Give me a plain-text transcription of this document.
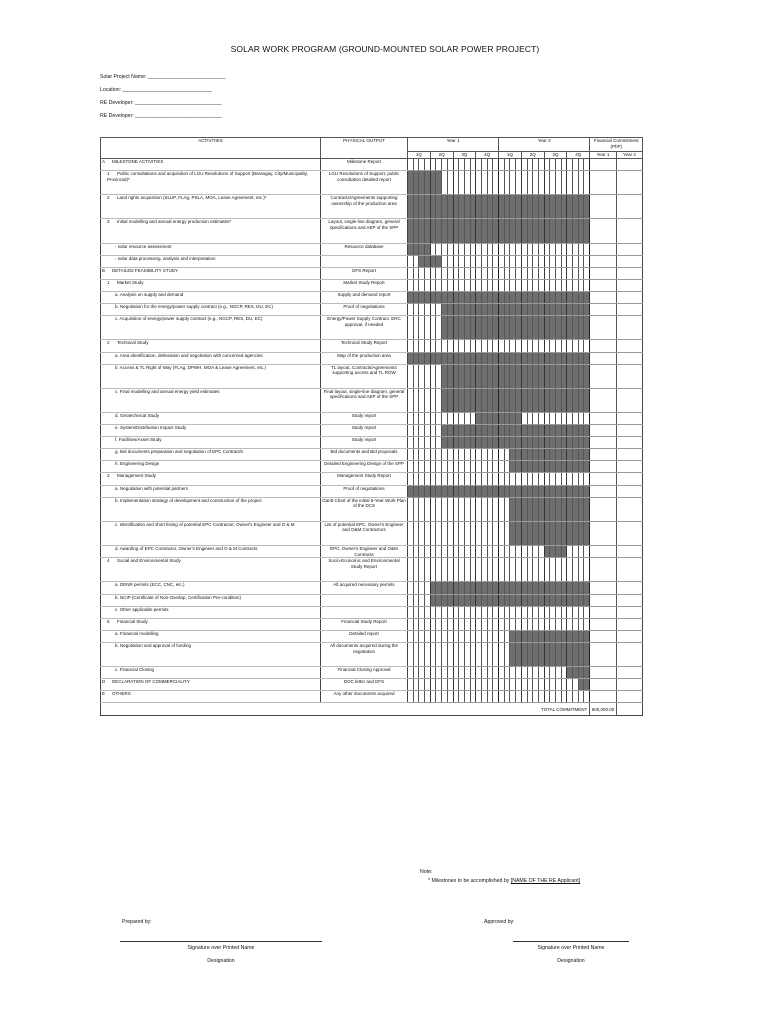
SOLAR WORK PROGRAM (GROUND-MOUNTED SOLAR POWER PROJECT)
Solar Project Name: ___________________________
Location: _______________________________
RE Developer: ______________________________
RE Developer: ______________________________
ACTIVITIES	PHYSICAL OUTPUT	Year 1																Year 2																Financial Commitment (PhP)	
		1Q				2Q				3Q				4Q				1Q				2Q				3Q				4Q				Year 1	Year 2
A MILESTONE ACTIVITIES	Milestone Report																																		
1 Public consultations and acquisition of LGU Resolutions of Support (Barangay, City/Municipality, Provincial)*	LGU Resolutions of Support, public consultation detailed report																																		
2 Land rights acquisition (SLUP, FLAg, PSLA, MOA, Lease Agreement, etc.)*	Contracts/Agreements supporting ownership of the production area																																		
3 Initial modelling and annual energy production estimates*	Layout, single-line diagram, general specifications and AEP of the SPP																																		
- solar resource assessment	Resource database																																		
- solar data processing, analysis and interpretation																																			
B DETAILED FEASIBILITY STUDY	DFS Report																																		
1 Market Study	Market Study Report																																		
a. Analysis on supply and demand	Supply and demand report																																		
b. Negotiation for the energy/power supply contract (e.g., NGCP, RES, DU, EC)	Proof of negotiations																																		
c. Acquisition of energy/power supply contract (e.g., NGCP, RES, DU, EC)	Energy/Power Supply Contract, ERC approval, if needed																																		
2 Technical Study	Technical Study Report																																		
a. Area identification, delineation and negotiation with concerned agencies	Map of the production area																																		
b. Access & TL Right of Way (FLAg, DPWH, MOA & Lease Agreement, etc.)	TL layout, Contracts/Agreements supporting access and TL ROW																																		
c. Final modelling and annual energy yield estimates	Final layout, single-line diagram, general specifications and AEP of the SPP																																		
d. Geotechnical Study	Study report																																		
e. System/Distribution Impact Study	Study report																																		
f. Facilities/Asset Study	Study report																																		
g. Bid documents preparation and negotiation of EPC Contract/s	Bid documents and Bid proposals																																		
h. Engineering Design	Detailed Engineering Design of the SPP																																		
3 Management Study	Management Study Report																																		
a. Negotiation with potential partners	Proof of negotiations																																		
b. Implementation strategy of development and construction of the project	Gantt Chart of the initial 5-Year Work Plan of the DCS																																		
c. Identification and short listing of potential EPC Contractor, Owner's Engineer and O & M	List of potential EPC, Owner's Engineer and O&M Contractors																																		
d. Awarding of EPC Contractor, Owner's Engineer and O & M Contracts	EPC, Owner's Engineer and O&M Contracts																																		
4 Social and Environmental Study	Socio-Economic and Environmental Study Report																																		
a. DENR permits (ECC, CNC, etc.)	All acquired necessary permits																																		
b. NCIP (Certificate of Non-Overlap, Certification Pre-condition)																																			
c. Other applicable permits																																			
5 Financial Study	Financial Study Report																																		
a. Financial modelling	Detailed report																																		
b. Negotiation and approval of funding	All documents acquired during the negotiation																																		
c. Financial Closing	Financial Closing Approval																																		
D DECLARATION OF COMMERCIALITY	DOC letter and DFS																																		
E OTHERS	Any other documents acquired																																		
		TOTAL COMMITMENT																																600,000.00	
Note:
* Milestones to be accomplished by [NAME OF THE RE Applicant]
Prepared by:
Signature over Printed Name
Designation
Approved by:
Signature over Printed Name
Designation
